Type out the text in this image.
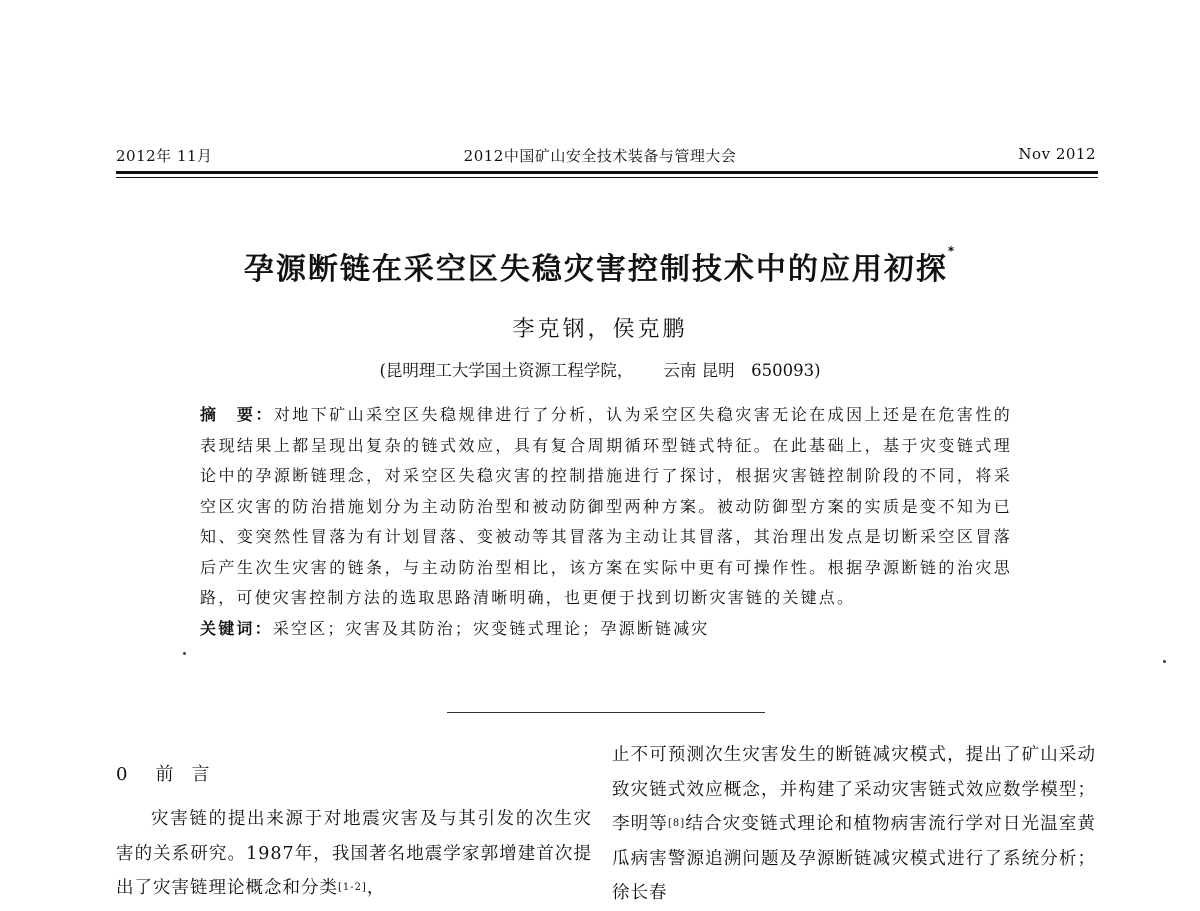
2012年 11月	2012中国矿山安全技术装备与管理大会	Nov 2012
孕源断链在采空区失稳灾害控制技术中的应用初探*
李克钢，侯克鹏
(昆明理工大学国土资源工程学院， 云南 昆明　650093)

摘　要：对地下矿山采空区失稳规律进行了分析，认为采空区失稳灾害无论在成因上还是在危害性的表现结果上都呈现出复杂的链式效应，具有复合周期循环型链式特征。在此基础上，基于灾变链式理论中的孕源断链理念，对采空区失稳灾害的控制措施进行了探讨，根据灾害链控制阶段的不同，将采空区灾害的防治措施划分为主动防治型和被动防御型两种方案。被动防御型方案的实质是变不知为已知、变突然性冒落为有计划冒落、变被动等其冒落为主动让其冒落，其治理出发点是切断采空区冒落后产生次生灾害的链条，与主动防治型相比，该方案在实际中更有可操作性。根据孕源断链的治灾思路，可使灾害控制方法的选取思路清晰明确，也更便于找到切断灾害链的关键点。

关键词：采空区；灾害及其防治；灾变链式理论；孕源断链减灾

0 前言

灾害链的提出来源于对地震灾害及与其引发的次生灾害的关系研究。1987年，我国著名地震学家郭增建首次提出了灾害链理论概念和分类[1-2]，

止不可预测次生灾害发生的断链减灾模式，提出了矿山采动致灾链式效应概念，并构建了采动灾害链式效应数学模型；李明等[8]结合灾变链式理论和植物病害流行学对日光温室黄瓜病害警源追溯问题及孕源断链减灾模式进行了系统分析；徐长春
